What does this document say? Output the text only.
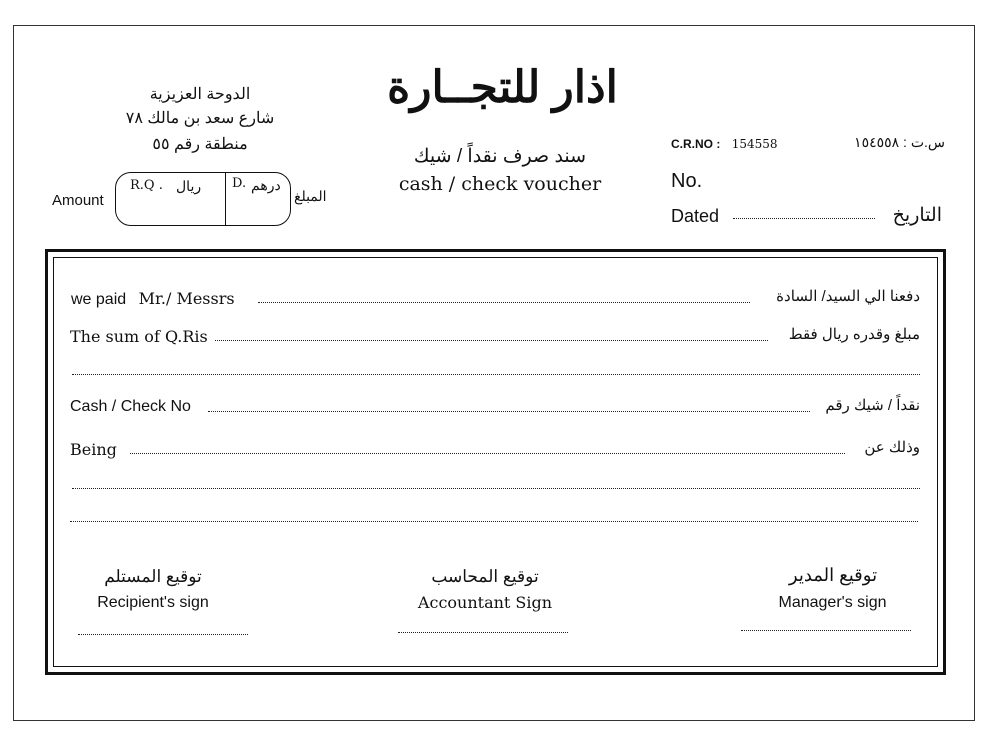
الدوحة العزيزية
شارع سعد بن مالك ٧٨
منطقة رقم ٥٥
اذار للتجــارة
سند صرف نقداً / شيك
cash / check voucher
C.R.NO : 154558	س.ت : ١٥٤٥٥٨
No.
Dated	التاريخ
Amount
R.Q . ريال D. درهم
المبلغ
we paid Mr./ Messrs	دفعنا الي السيد/ السادة
The sum of Q.Ris	مبلغ وقدره ريال فقط
Cash / Check No	نقداً / شيك رقم
Being	وذلك عن
توقيع المستلم
Recipient's sign
توقيع المحاسب
Accountant Sign
توقيع المدير
Manager's sign
